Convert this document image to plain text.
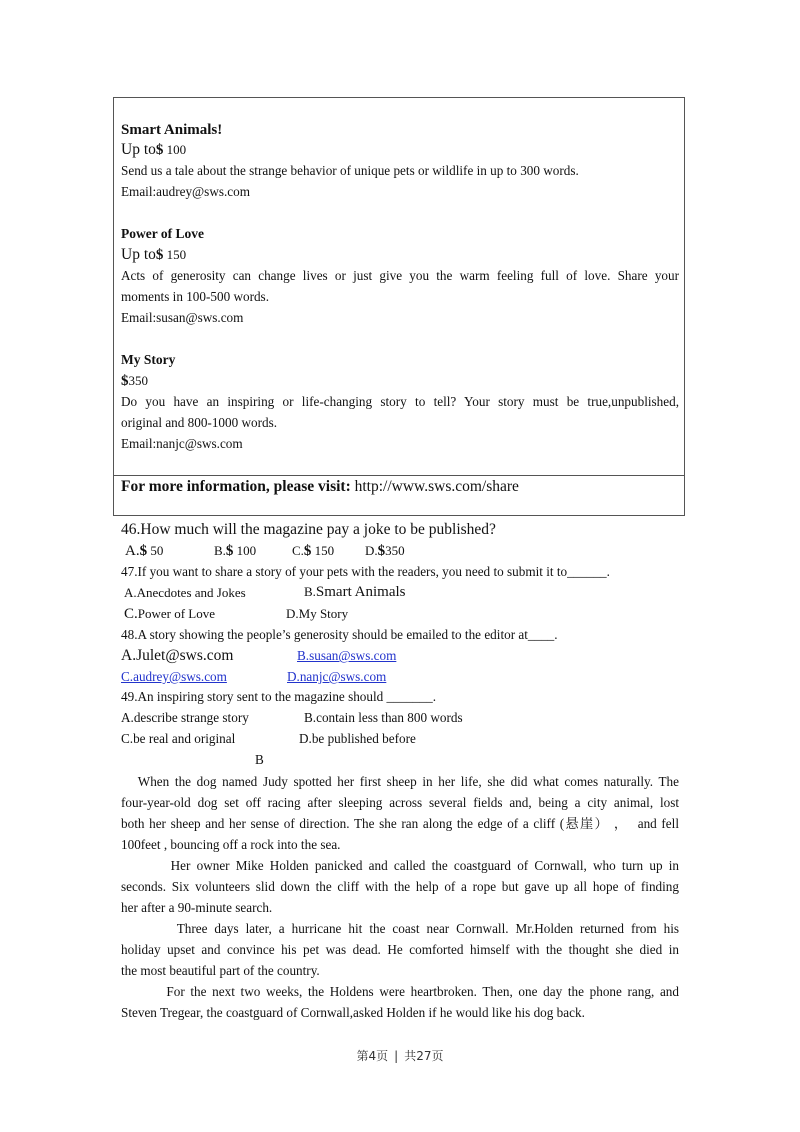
Smart Animals!
Up to$ 100
Send us a tale about the strange behavior of unique pets or wildlife in up to 300 words.
Email:audrey@sws.com
Power of Love
Up to$ 150
Acts of generosity can change lives or just give you the warm feeling full of love. Share your
moments in 100-500 words.
Email:susan@sws.com
My Story
$350
Do you have an inspiring or life-changing story to tell? Your story must be true,unpublished,
original and 800-1000 words.
Email:nanjc@sws.com
For more information, please visit: http://www.sws.com/share
46.How much will the magazine pay a joke to be published?
A.$ 50	B.$ 100	C.$ 150 D.$350
47.If you want to share a story of your pets with the readers, you need to submit it to______.
A.Anecdotes and Jokes	B.Smart Animals
C.Power of Love	D.My Story
48.A story showing the people’s generosity should be emailed to the editor at____.
A.Julet@sws.com	B.susan@sws.com
C.audrey@sws.com	D.nanjc@sws.com
49.An inspiring story sent to the magazine should _______.
A.describe strange story	B.contain less than 800 words
C.be real and original	D.be published before
B
When the dog named Judy spotted her first sheep in her life, she did what comes naturally. The
four-year-old dog set off racing after sleeping across several fields and, being a city animal, lost
both her sheep and her sense of direction. The she ran along the edge of a cliff (悬崖） ，  and fell
100feet , bouncing off a rock into the sea.
Her owner Mike Holden panicked and called the coastguard of Cornwall, who turn up in
seconds. Six volunteers slid down the cliff with the help of a rope but gave up all hope of finding
her after a 90-minute search.
Three days later, a hurricane hit the coast near Cornwall. Mr.Holden returned from his
holiday upset and convince his pet was dead. He comforted himself with the thought she died in
the most beautiful part of the country.
For the next two weeks, the Holdens were heartbroken. Then, one day the phone rang, and
Steven Tregear, the coastguard of Cornwall,asked Holden if he would like his dog back.
第4页 | 共27页
